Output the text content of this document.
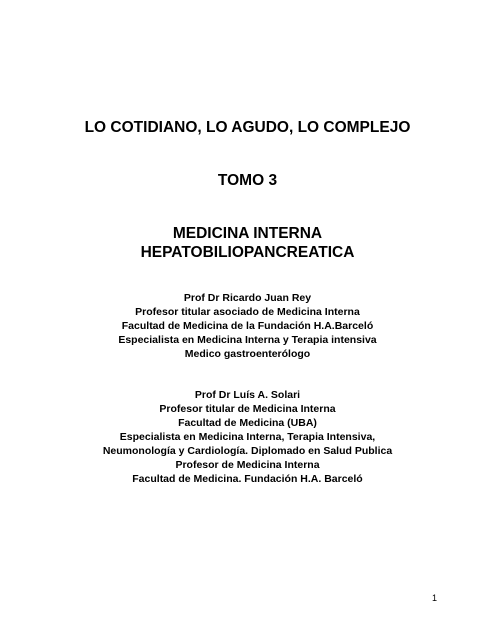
LO COTIDIANO, LO AGUDO, LO COMPLEJO
TOMO 3
MEDICINA INTERNA
HEPATOBILIOPANCREATICA
Prof Dr Ricardo Juan Rey
Profesor titular asociado de Medicina Interna
Facultad de Medicina de la Fundación H.A.Barceló
Especialista en Medicina Interna y Terapia intensiva
Medico gastroenterólogo
Prof Dr Luís A. Solari
Profesor titular de Medicina Interna
Facultad de Medicina (UBA)
Especialista en Medicina Interna, Terapia Intensiva,
Neumonología y Cardiología. Diplomado en Salud Publica
Profesor de Medicina Interna
Facultad de Medicina. Fundación H.A. Barceló
1
